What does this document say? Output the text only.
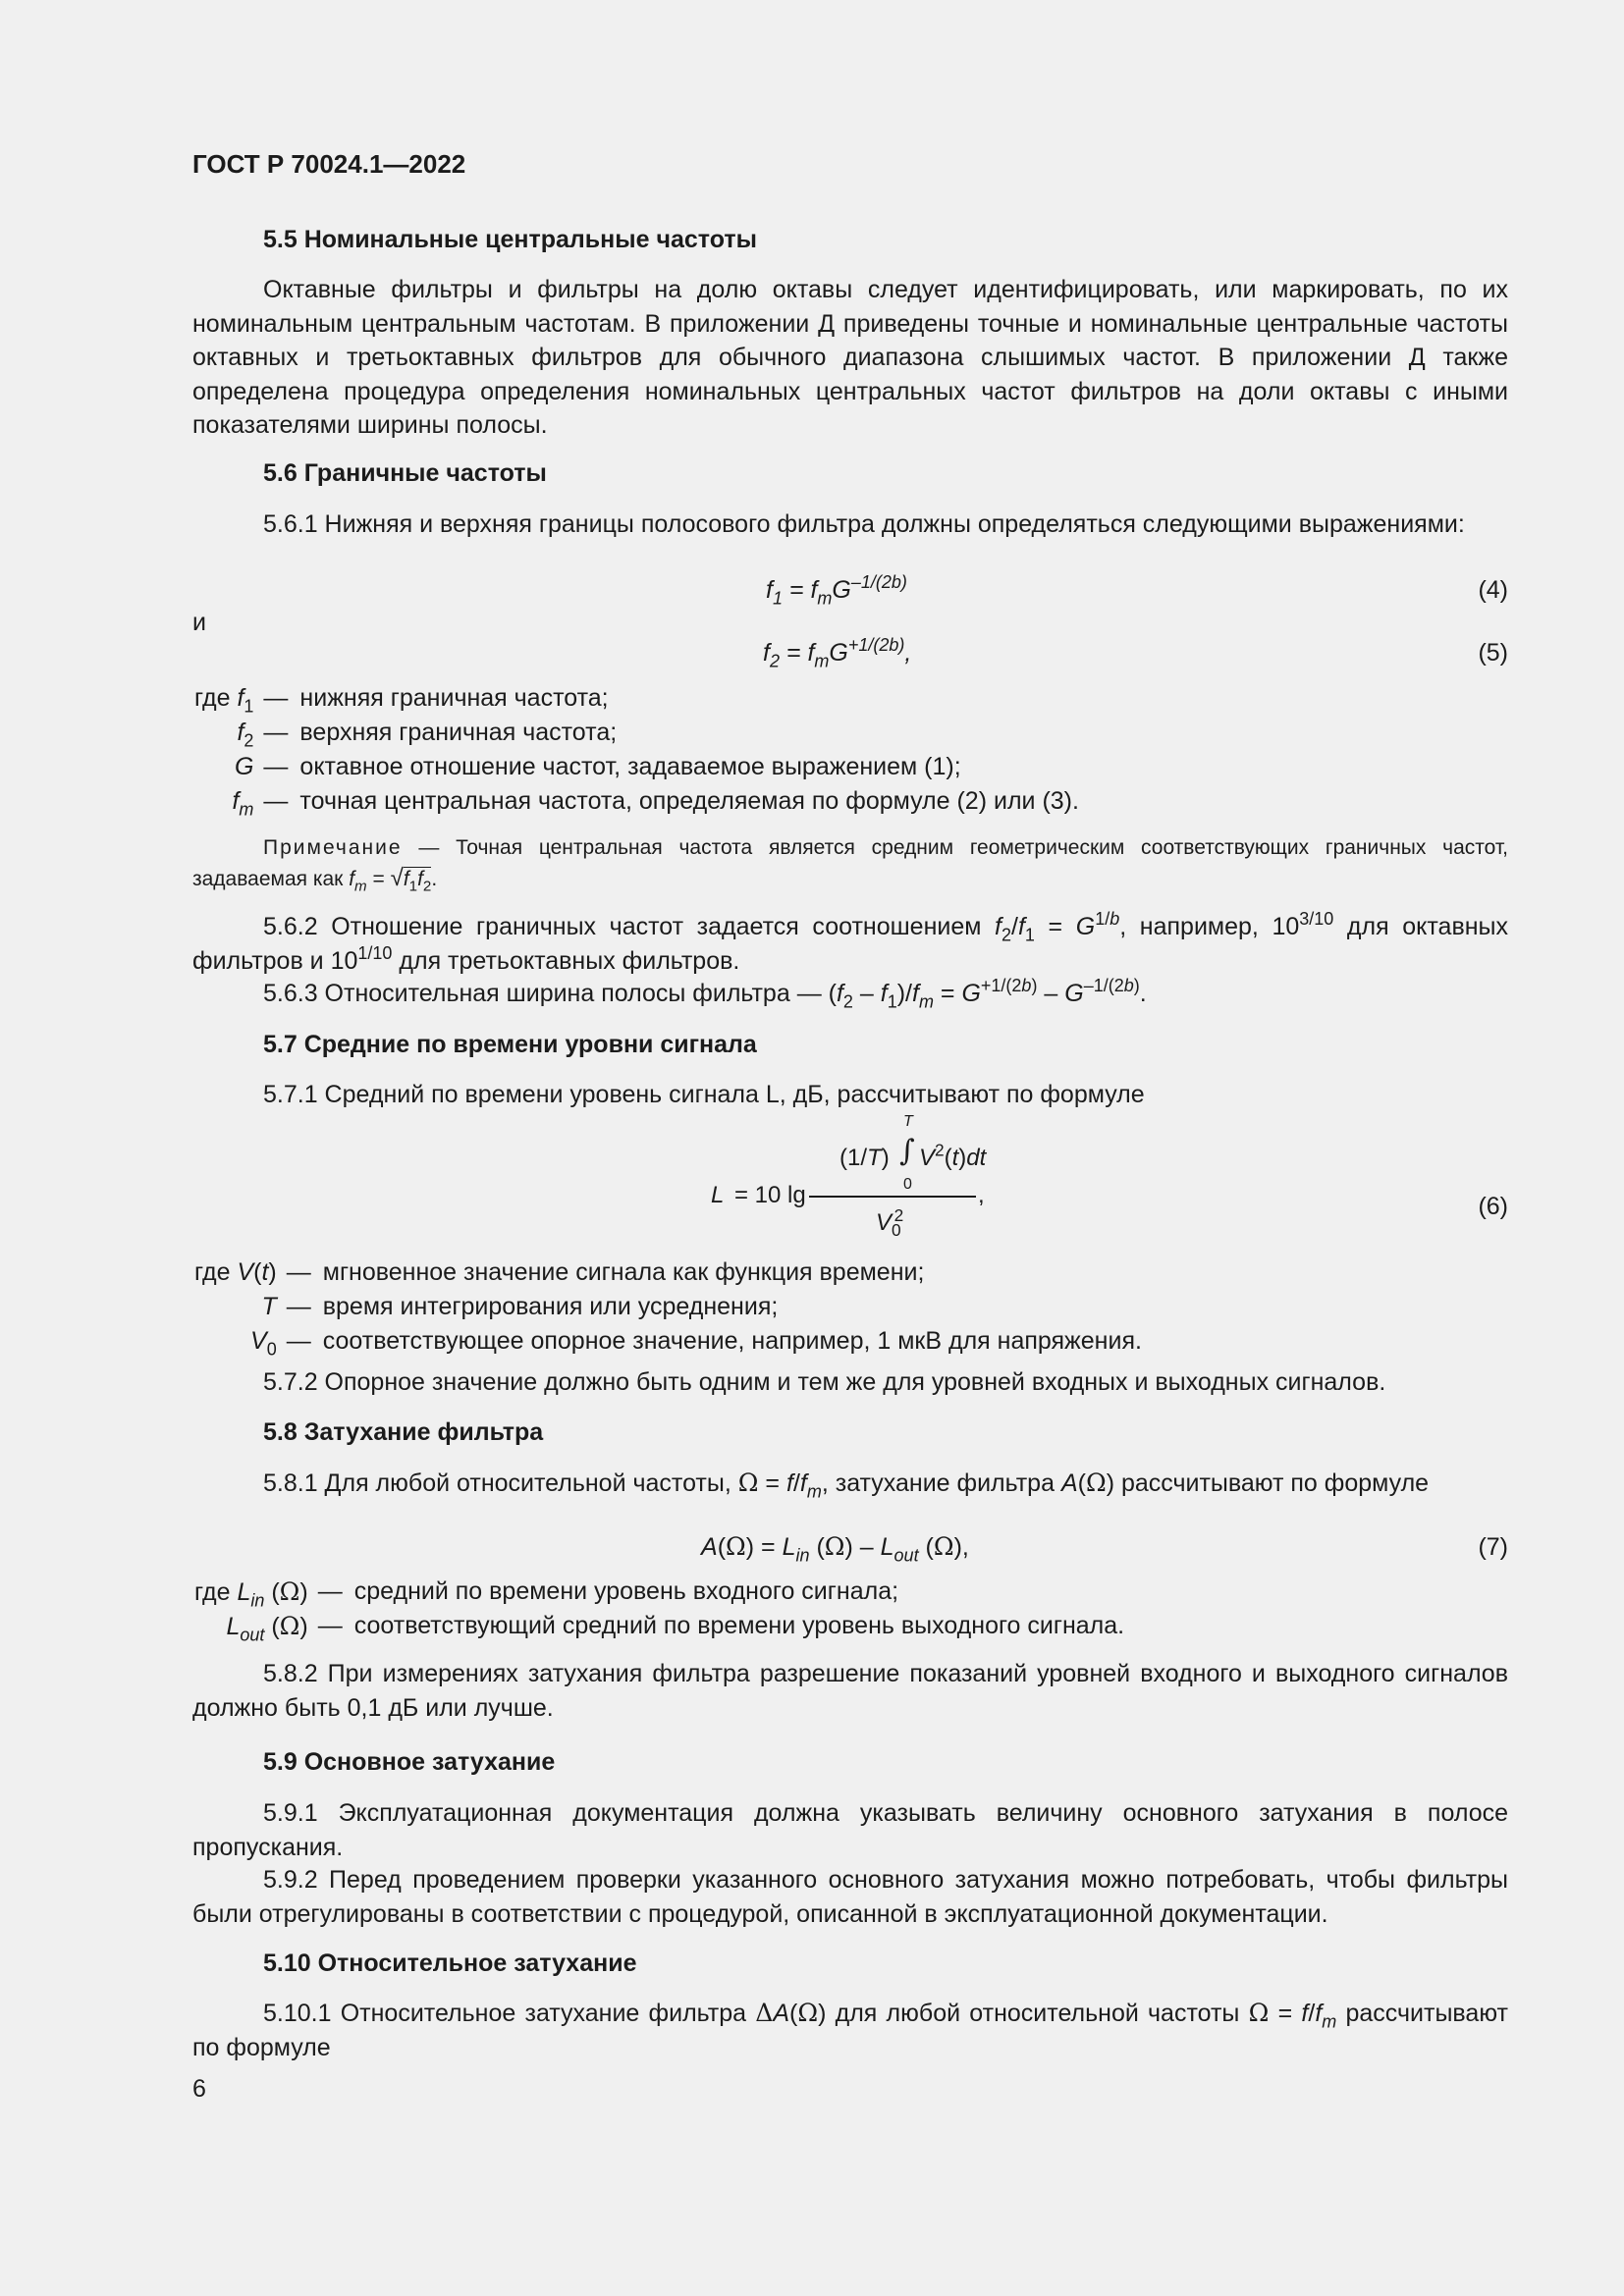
ГОСТ Р 70024.1—2022
5.5 Номинальные центральные частоты
Октавные фильтры и фильтры на долю октавы следует идентифицировать, или маркировать, по их номинальным центральным частотам. В приложении Д приведены точные и номинальные центральные частоты октавных и третьоктавных фильтров для обычного диапазона слышимых частот. В приложении Д также определена процедура определения номинальных центральных частот фильтров на доли октавы с иными показателями ширины полосы.
5.6 Граничные частоты
5.6.1 Нижняя и верхняя границы полосового фильтра должны определяться следующими выражениями:
$f_1 = f_mG^{-1/(2b)}$	(4)
и
$f_2 = f_mG^{+1/(2b)}$,	(5)
где $f_1$	—	нижняя граничная частота;
$f_2$	—	верхняя граничная частота;
G	—	октавное отношение частот, задаваемое выражением (1);
$f_m$	—	точная центральная частота, определяемая по формуле (2) или (3).
Примечание — Точная центральная частота является средним геометрическим соответствующих граничных частот, задаваемая как $f_m = √f_1f_2$.
5.6.2 Отношение граничных частот задается соотношением $f_2/f_1 = G^{1/b}$, например, $10^{3/10}$ для октавных фильтров и $10^{1/10}$ для третьоктавных фильтров.
5.6.3 Относительная ширина полосы фильтра — $(f_2 - f_1)/f_m = G^{+1/(2b)} - G^{-1/(2b)}$.
5.7 Средние по времени уровни сигнала
5.7.1 Средний по времени уровень сигнала L, дБ, рассчитывают по формуле
L = 10 lg
(1/T)
T
∫
0
$V^2(t)dt$
$V_0^2$
,	(6)
где V(t)	—	мгновенное значение сигнала как функция времени;
T	—	время интегрирования или усреднения;
$V_0$	—	соответствующее опорное значение, например, 1 мкВ для напряжения.
5.7.2 Опорное значение должно быть одним и тем же для уровней входных и выходных сигналов.
5.8 Затухание фильтра
5.8.1 Для любой относительной частоты, $\Omega = f/f_m$, затухание фильтра A(Ω) рассчитывают по формуле
$A(\Omega) = L_{in}$ $(\Omega) - L_{out}$ (Ω),	(7)
где $L_{in}$ (Ω)	—	средний по времени уровень входного сигнала;
$L_{out}$ (Ω)	—	соответствующий средний по времени уровень выходного сигнала.
5.8.2 При измерениях затухания фильтра разрешение показаний уровней входного и выходного сигналов должно быть 0,1 дБ или лучше.
5.9 Основное затухание
5.9.1 Эксплуатационная документация должна указывать величину основного затухания в полосе пропускания.
5.9.2 Перед проведением проверки указанного основного затухания можно потребовать, чтобы фильтры были отрегулированы в соответствии с процедурой, описанной в эксплуатационной документации.
5.10 Относительное затухание
5.10.1 Относительное затухание фильтра ΔA(Ω) для любой относительной частоты $\Omega = f/f_m$ рассчитывают по формуле
6
